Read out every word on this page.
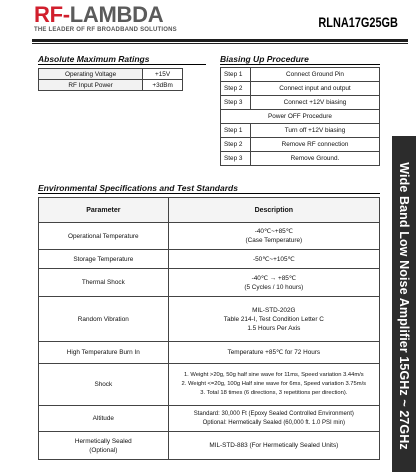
RF-LAMBDA
THE LEADER OF RF BROADBAND SOLUTIONS	RLNA17G25GB
Wide Band Low Noise Amplifier 15GHz ~ 27GHz
Absolute Maximum Ratings
Operating Voltage	+15V
RF Input Power	+3dBm
Biasing Up Procedure
Step 1	Connect Ground Pin
Step 2	Connect input and output
Step 3	Connect +12V biasing
Power OFF Procedure	
Step 1	Turn off +12V biasing
Step 2	Remove RF connection
Step 3	Remove Ground.
Environmental Specifications and Test Standards
Parameter	Description
Operational Temperature	-40℃~+85℃
(Case Temperature)

Storage Temperature	-50℃~+105℃

Thermal Shock	-40℃ → +85℃
(5 Cycles / 10 hours)

Random Vibration	MIL-STD-202G
Table 214-I, Test Condition Letter C
1.5 Hours Per Axis

High Temperature Burn In	Temperature +85℃ for 72 Hours

Shock	1. Weight >20g, 50g half sine wave for 11ms, Speed variation 3.44m/s
2. Weight <=20g, 100g Half sine wave for 6ms, Speed variation 3.75m/s
3. Total 18 times (6 directions, 3 repetitions per direction).

Altitude	Standard: 30,000 Ft (Epoxy Sealed Controlled Environment)
Optional: Hermetically Sealed (60,000 ft. 1.0 PSI min)

Hermetically Sealed
(Optional)	MIL-STD-883 (For Hermetically Sealed Units)
